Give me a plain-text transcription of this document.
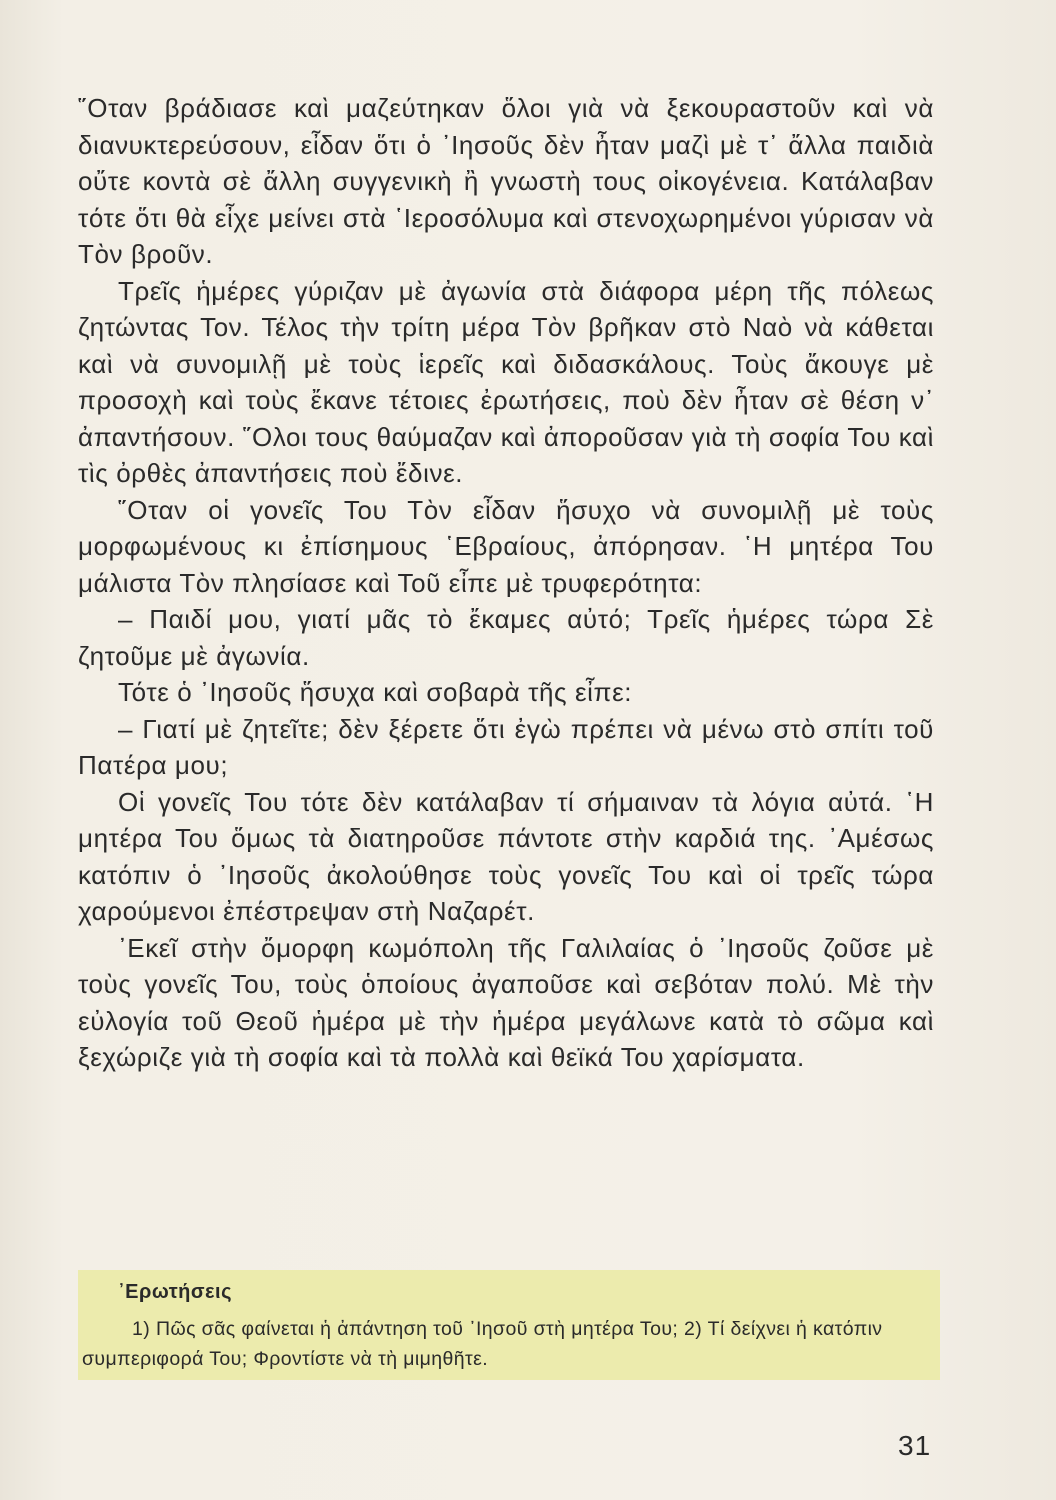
῞Οταν βράδιασε καὶ μαζεύτηκαν ὅλοι γιὰ νὰ ξεκουραστοῦν καὶ νὰ διανυκτερεύσουν, εἶδαν ὅτι ὁ ᾿Ιησοῦς δὲν ἦταν μαζὶ μὲ τ᾿ ἄλλα παιδιὰ οὔτε κοντὰ σὲ ἄλλη συγγενικὴ ἢ γνωστὴ τους οἰκογένεια. Κατάλαβαν τότε ὅτι θὰ εἶχε μείνει στὰ ῾Ιεροσόλυμα καὶ στενοχωρημένοι γύρισαν νὰ Τὸν βροῦν.

Τρεῖς ἡμέρες γύριζαν μὲ ἀγωνία στὰ διάφορα μέρη τῆς πόλεως ζητώντας Τον. Τέλος τὴν τρίτη μέρα Τὸν βρῆκαν στὸ Ναὸ νὰ κάθεται καὶ νὰ συνομιλῇ μὲ τοὺς ἱερεῖς καὶ διδασκάλους. Τοὺς ἄκουγε μὲ προσοχὴ καὶ τοὺς ἔκανε τέτοιες ἐρωτήσεις, ποὺ δὲν ἦταν σὲ θέση ν᾿ ἀπαντήσουν. ῞Ολοι τους θαύμαζαν καὶ ἀποροῦσαν γιὰ τὴ σοφία Του καὶ τὶς ὀρθὲς ἀπαντήσεις ποὺ ἔδινε.

῞Οταν οἱ γονεῖς Του Τὸν εἶδαν ἥσυχο νὰ συνομιλῇ μὲ τοὺς μορφωμένους κι ἐπίσημους ῾Εβραίους, ἀπόρησαν. ῾Η μητέρα Του μάλιστα Τὸν πλησίασε καὶ Τοῦ εἶπε μὲ τρυφερότητα:

– Παιδί μου, γιατί μᾶς τὸ ἔκαμες αὐτό; Τρεῖς ἡμέρες τώρα Σὲ ζητοῦμε μὲ ἀγωνία.

Τότε ὁ ᾿Ιησοῦς ἥσυχα καὶ σοβαρὰ τῆς εἶπε:

– Γιατί μὲ ζητεῖτε; δὲν ξέρετε ὅτι ἐγὼ πρέπει νὰ μένω στὸ σπίτι τοῦ Πατέρα μου;

Οἱ γονεῖς Του τότε δὲν κατάλαβαν τί σήμαιναν τὰ λόγια αὐτά. ῾Η μητέρα Του ὅμως τὰ διατηροῦσε πάντοτε στὴν καρδιά της. ᾿Αμέσως κατόπιν ὁ ᾿Ιησοῦς ἀκολούθησε τοὺς γονεῖς Του καὶ οἱ τρεῖς τώρα χαρούμενοι ἐπέστρεψαν στὴ Ναζαρέτ.

᾿Εκεῖ στὴν ὄμορφη κωμόπολη τῆς Γαλιλαίας ὁ ᾿Ιησοῦς ζοῦσε μὲ τοὺς γονεῖς Του, τοὺς ὁποίους ἀγαποῦσε καὶ σεβόταν πολύ. Μὲ τὴν εὐλογία τοῦ Θεοῦ ἡμέρα μὲ τὴν ἡμέρα μεγάλωνε κατὰ τὸ σῶμα καὶ ξεχώριζε γιὰ τὴ σοφία καὶ τὰ πολλὰ καὶ θεϊκά Του χαρίσματα.

᾿Ερωτήσεις
1) Πῶς σᾶς φαίνεται ἡ ἀπάντηση τοῦ ᾿Ιησοῦ στὴ μητέρα Του; 2) Τί δείχνει ἡ κατόπιν συμπεριφορά Του; Φροντίστε νὰ τὴ μιμηθῆτε.
31
